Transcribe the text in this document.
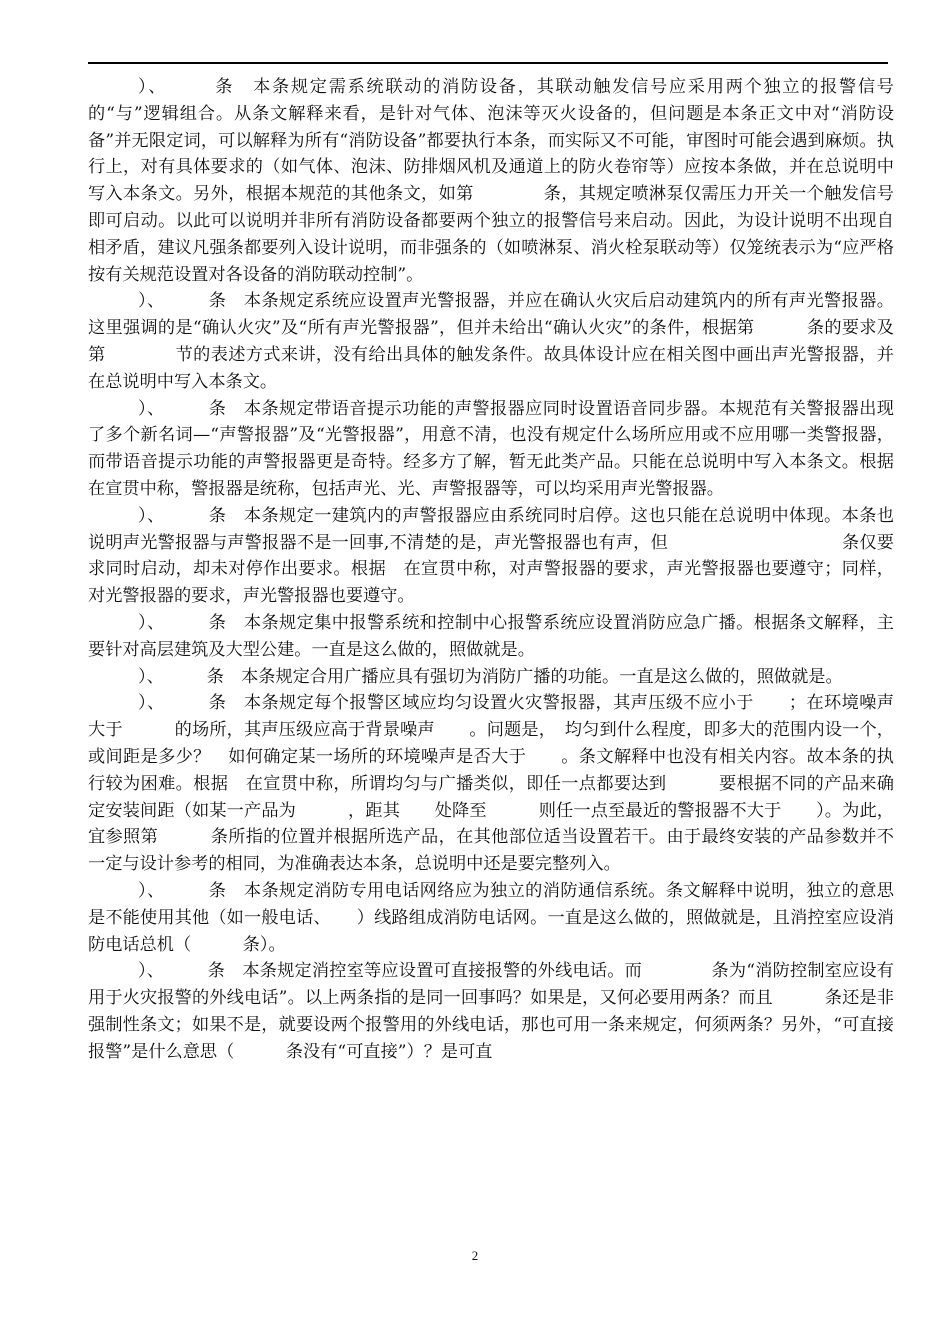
）、　　　条　本条规定需系统联动的消防设备，其联动触发信号应采用两个独立的报警信号的“与”逻辑组合。从条文解释来看，是针对气体、泡沫等灭火设备的，但问题是本条正文中对“消防设备”并无限定词，可以解释为所有“消防设备”都要执行本条，而实际又不可能，审图时可能会遇到麻烦。执行上，对有具体要求的（如气体、泡沫、防排烟风机及通道上的防火卷帘等）应按本条做，并在总说明中写入本条文。另外，根据本规范的其他条文，如第　　　　条，其规定喷淋泵仅需压力开关一个触发信号即可启动。以此可以说明并非所有消防设备都要两个独立的报警信号来启动。因此，为设计说明不出现自相矛盾，建议凡强条都要列入设计说明，而非强条的（如喷淋泵、消火栓泵联动等）仅笼统表示为“应严格按有关规范设置对各设备的消防联动控制”。

）、　　　条　本条规定系统应设置声光警报器，并应在确认火灾后启动建筑内的所有声光警报器。这里强调的是“确认火灾”及“所有声光警报器”，但并未给出“确认火灾”的条件，根据第　　　条的要求及第　　　　节的表述方式来讲，没有给出具体的触发条件。故具体设计应在相关图中画出声光警报器，并在总说明中写入本条文。

）、　　　条　本条规定带语音提示功能的声警报器应同时设置语音同步器。本规范有关警报器出现了多个新名词—“声警报器”及“光警报器”，用意不清，也没有规定什么场所应用或不应用哪一类警报器，而带语音提示功能的声警报器更是奇特。经多方了解，暂无此类产品。只能在总说明中写入本条文。根据　在宣贯中称，警报器是统称，包括声光、光、声警报器等，可以均采用声光警报器。

）、　　　条　本条规定一建筑内的声警报器应由系统同时启停。这也只能在总说明中体现。本条也说明声光警报器与声警报器不是一回事,不清楚的是，声光警报器也有声，但　　　　　　　　　　条仅要求同时启动，却未对停作出要求。根据　在宣贯中称，对声警报器的要求，声光警报器也要遵守；同样，对光警报器的要求，声光警报器也要遵守。

）、　　　条　本条规定集中报警系统和控制中心报警系统应设置消防应急广播。根据条文解释，主要针对高层建筑及大型公建。一直是这么做的，照做就是。

）、　　　条　本条规定合用广播应具有强切为消防广播的功能。一直是这么做的，照做就是。

）、　　　条　本条规定每个报警区域应均匀设置火灾警报器，其声压级不应小于　　；在环境噪声大于　　　的场所，其声压级应高于背景噪声　　。问题是，　均匀到什么程度，即多大的范围内设一个，或间距是多少？　如何确定某一场所的环境噪声是否大于　　。条文解释中也没有相关内容。故本条的执行较为困难。根据　在宣贯中称，所谓均匀与广播类似，即任一点都要达到　　　要根据不同的产品来确定安装间距（如某一产品为　　　，距其　　处降至　　　则任一点至最近的警报器不大于　　）。为此，宜参照第　　　条所指的位置并根据所选产品，在其他部位适当设置若干。由于最终安装的产品参数并不一定与设计参考的相同，为准确表达本条，总说明中还是要完整列入。

）、　　　条　本条规定消防专用电话网络应为独立的消防通信系统。条文解释中说明，独立的意思是不能使用其他（如一般电话、　　）线路组成消防电话网。一直是这么做的，照做就是，且消控室应设消防电话总机（　　　条）。

）、　　　条　本条规定消控室等应设置可直接报警的外线电话。而　　　　条为“消防控制室应设有用于火灾报警的外线电话”。以上两条指的是同一回事吗？如果是，又何必要用两条？而且　　　条还是非强制性条文；如果不是，就要设两个报警用的外线电话，那也可用一条来规定，何须两条？另外，“可直接报警”是什么意思（　　　条没有“可直接”）？是可直

2
